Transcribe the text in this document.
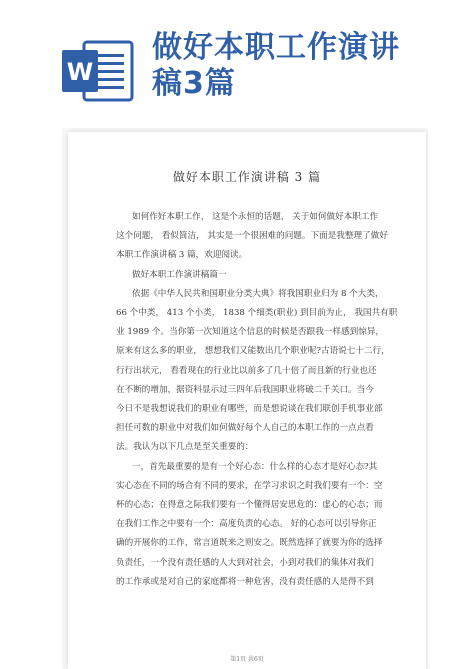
W
做好本职工作演讲
稿3篇
做好本职工作演讲稿 3 篇
如何作好本职工作， 这是个永恒的话题， 关于如何做好本职工作
这个问题， 看似简洁， 其实是一个很困难的问题。下面是我整理了做好
本职工作演讲稿 3 篇，欢迎阅读。
做好本职工作演讲稿篇一
依据《中华人民共和国职业分类大典》将我国职业归为 8 个大类，
66 个中类， 413 个小类， 1838 个细类(职业) 到目前为止， 我国共有职
业 1989 个。当你第一次知道这个信息的时候是否跟我一样感到惊异，
原来有这么多的职业， 想想我们又能数出几个职业呢?古语说七十二行，
行行出状元， 看看现在的行业比以前多了几十倍了而且新的行业也还
在不断的增加，据资料显示过三四年后我国职业将破二千关口。当今
今日不是我想说我们的职业有哪些，而是想说谈在我们联创手机事业部
担任可数的职业中对我们如何做好每个人自己的本职工作的一点点看
法。我认为以下几点是至关重要的：
一，首先最重要的是有一个好心态：什么样的心态才是好心态?其
实心态在不同的场合有不同的要求，在学习求识之时我们要有一个：空
杯的心态；在得意之际我们要有一个懂得居安思危的：虚心的心态；而
在我们工作之中要有一个：高度负责的心态。 好的心态可以引导你正
确的开展你的工作，常言道既来之则安之。既然选择了就要为你的选择
负责任，一个没有责任感的人大到对社会，小到对我们的集体对我们
的工作承或是对自己的家庭都将一种危害，没有责任感的人是得不到
第1页 共6页
